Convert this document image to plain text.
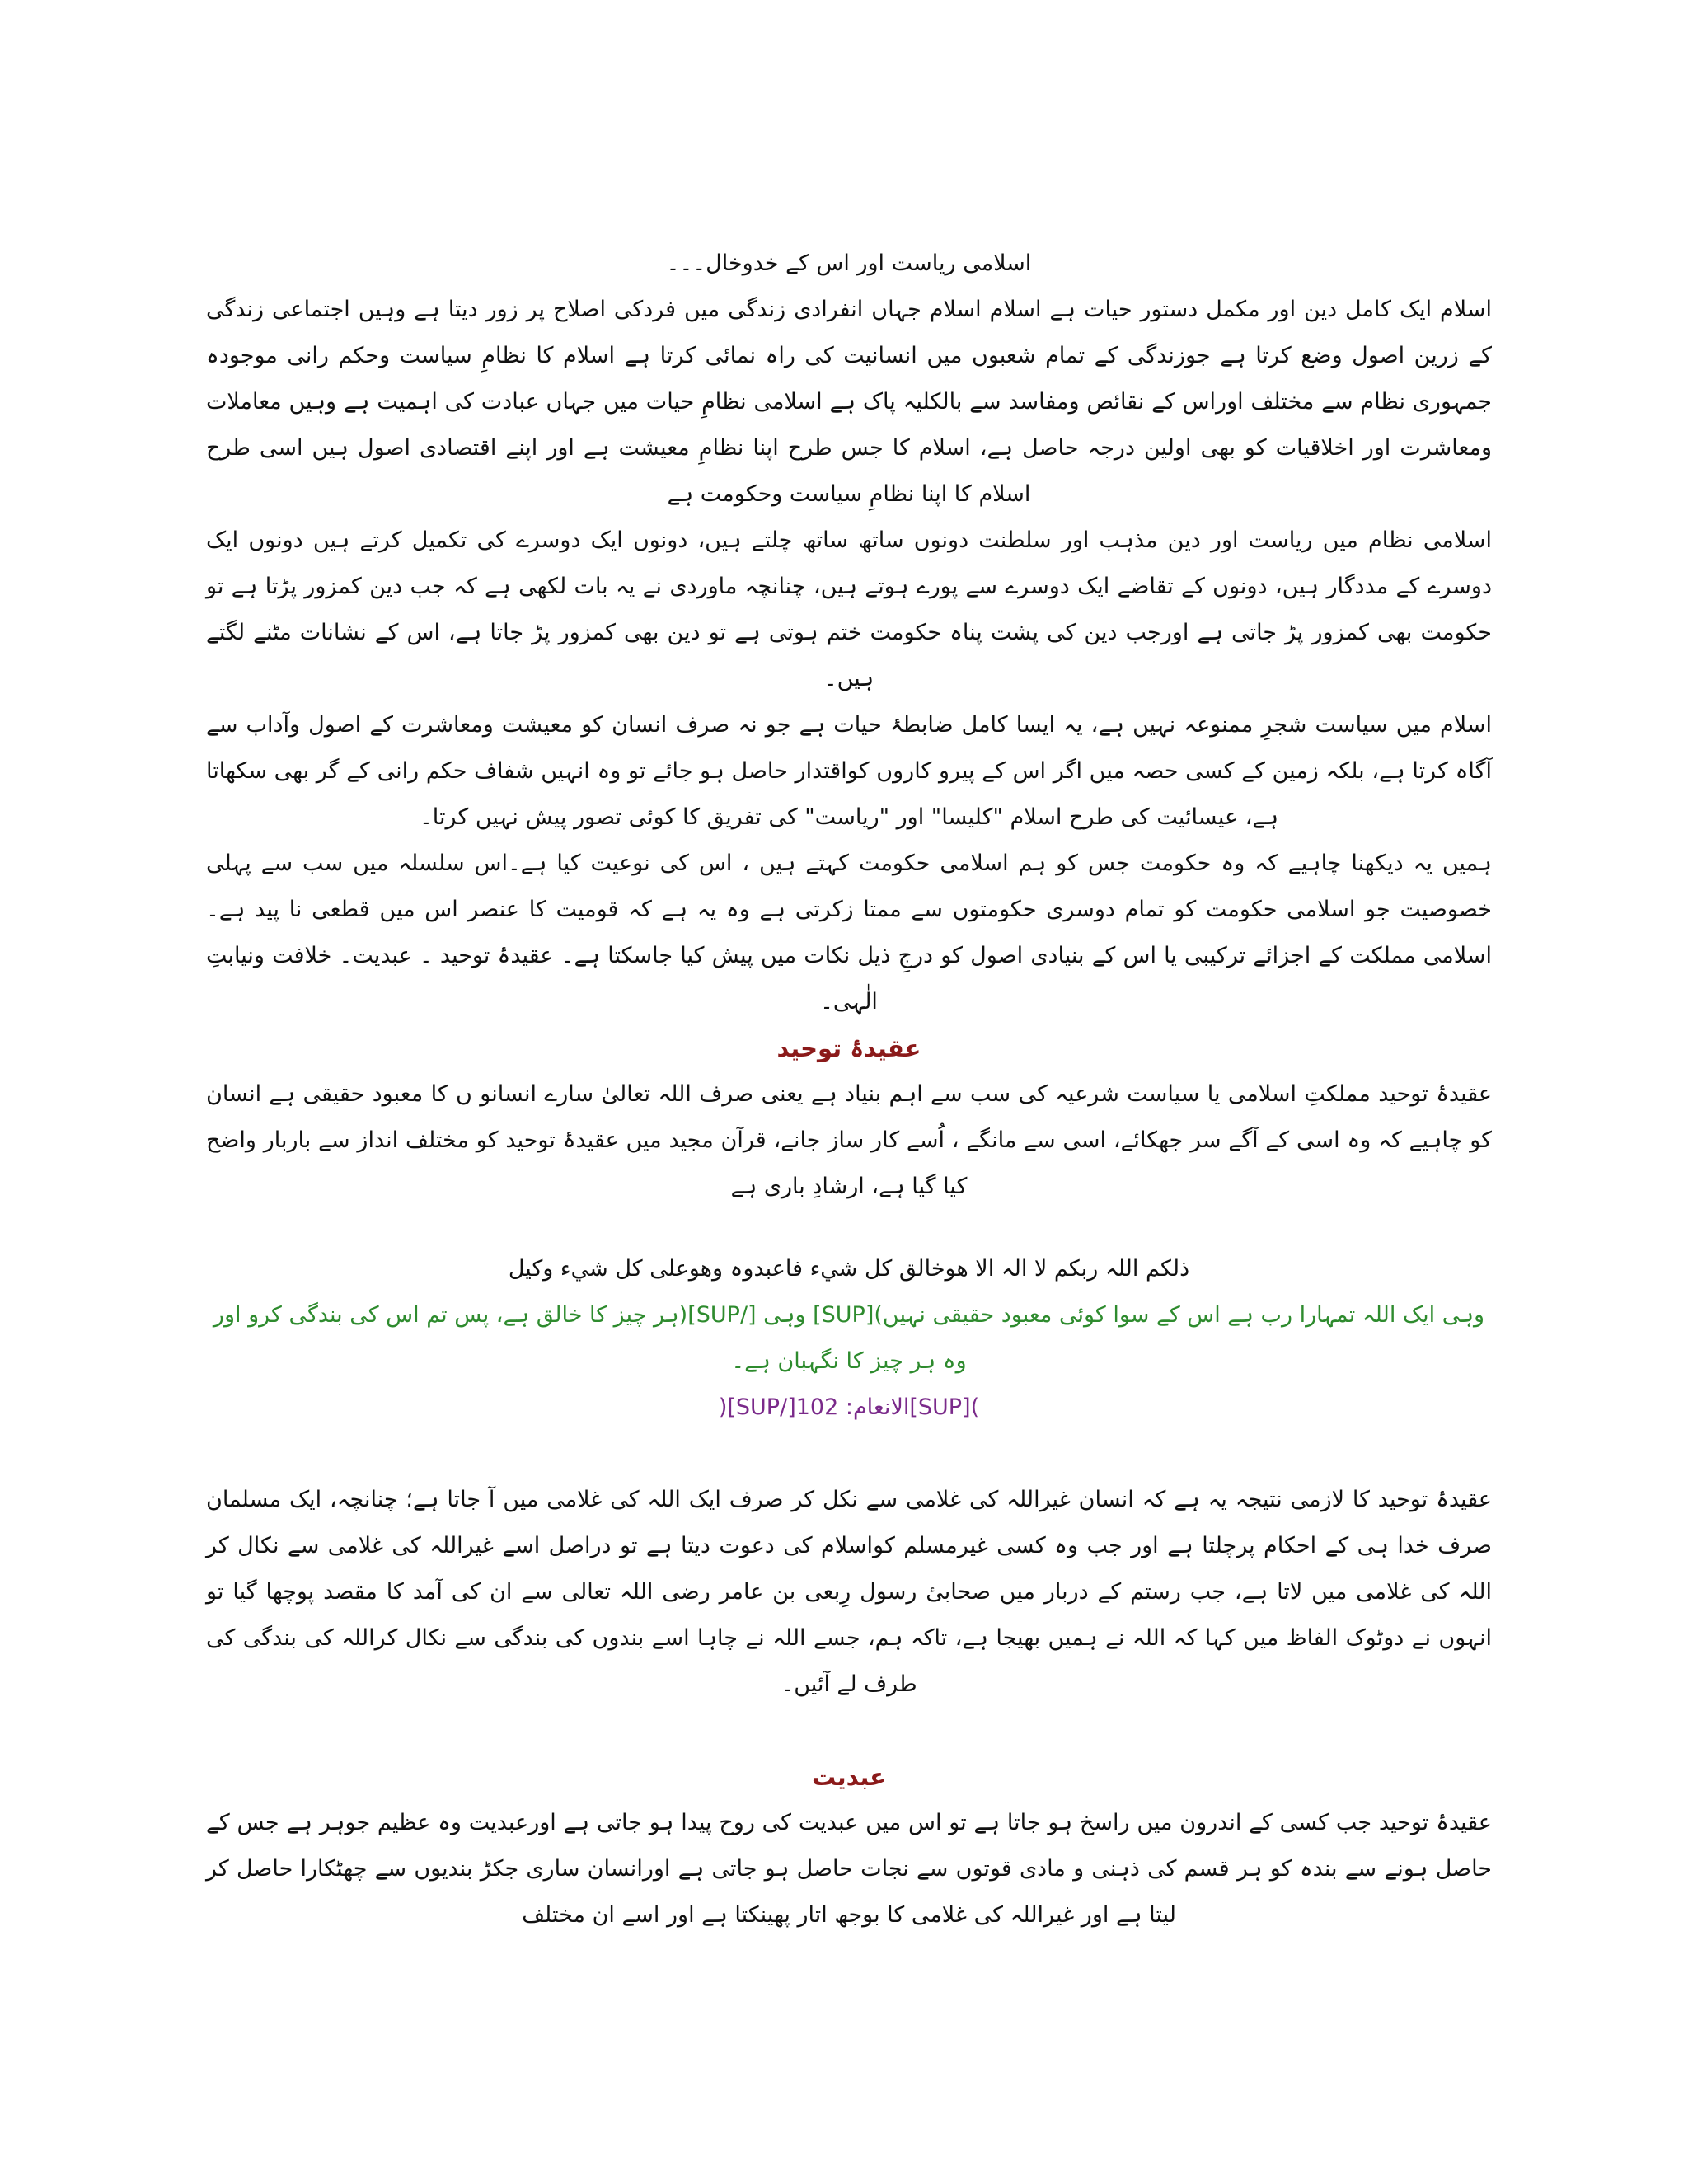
اسلامی ریاست اور اس کے خدوخال۔۔۔

اسلام ایک کامل دین اور مکمل دستور حیات ہے اسلام اسلام جہاں انفرادی زندگی میں فردکی اصلاح پر زور دیتا ہے وہیں اجتماعی زندگی کے زرین اصول وضع کرتا ہے جوزندگی کے تمام شعبوں میں انسانیت کی راہ نمائی کرتا ہے اسلام کا نظامِ سیاست وحکم رانی موجودہ جمہوری نظام سے مختلف اوراس کے نقائص ومفاسد سے بالکلیہ پاک ہے اسلامی نظامِ حیات میں جہاں عبادت کی اہمیت ہے وہیں معاملات ومعاشرت اور اخلاقیات کو بھی اولین درجہ حاصل ہے، اسلام کا جس طرح اپنا نظامِ معیشت ہے اور اپنے اقتصادی اصول ہیں اسی طرح اسلام کا اپنا نظامِ سیاست وحکومت ہے

اسلامی نظام میں ریاست اور دین مذہب اور سلطنت دونوں ساتھ ساتھ چلتے ہیں، دونوں ایک دوسرے کی تکمیل کرتے ہیں دونوں ایک دوسرے کے مددگار ہیں، دونوں کے تقاضے ایک دوسرے سے پورے ہوتے ہیں، چنانچہ ماوردی نے یہ بات لکھی ہے کہ جب دین کمزور پڑتا ہے تو حکومت بھی کمزور پڑ جاتی ہے اورجب دین کی پشت پناہ حکومت ختم ہوتی ہے تو دین بھی کمزور پڑ جاتا ہے، اس کے نشانات مٹنے لگتے ہیں۔

اسلام میں سیاست شجرِ ممنوعہ نہیں ہے، یہ ایسا کامل ضابطۂ حیات ہے جو نہ صرف انسان کو معیشت ومعاشرت کے اصول وآداب سے آگاہ کرتا ہے، بلکہ زمین کے کسی حصہ میں اگر اس کے پیرو کاروں کواقتدار حاصل ہو جائے تو وہ انہیں شفاف حکم رانی کے گر بھی سکھاتا ہے، عیسائیت کی طرح اسلام "کلیسا" اور "ریاست" کی تفریق کا کوئی تصور پیش نہیں کرتا۔

ہمیں یہ دیکھنا چاہیے کہ وہ حکومت جس کو ہم اسلامی حکومت کہتے ہیں ، اس کی نوعیت کیا ہے۔اس سلسلہ میں سب سے پہلی خصوصیت جو اسلامی حکومت کو تمام دوسری حکومتوں سے ممتا زکرتی ہے وہ یہ ہے کہ قومیت کا عنصر اس میں قطعی نا پید ہے۔ اسلامی مملکت کے اجزائے ترکیبی یا اس کے بنیادی اصول کو درجِ ذیل نکات میں پیش کیا جاسکتا ہے۔ عقیدۂ توحید ۔ عبدیت۔ خلافت ونیابتِ الٰہی۔

عقیدۂ توحید

عقیدۂ توحید مملکتِ اسلامی یا سیاست شرعیہ کی سب سے اہم بنیاد ہے یعنی صرف اللہ تعالیٰ سارے انسانو ں کا معبود حقیقی ہے انسان کو چاہیے کہ وہ اسی کے آگے سر جھکائے، اسی سے مانگے ، اُسے کار ساز جانے، قرآن مجید میں عقیدۂ توحید کو مختلف انداز سے باربار واضح کیا گیا ہے، ارشادِ باری ہے

ذلکم اللہ ربکم لا الہ الا ھوخالق کل شيء فاعبدوہ وھوعلی کل شيء وکیل

وہی ایک اللہ تمہارا رب ہے اس کے سوا کوئی معبود حقیقی نہیں)[SUP] وہی [/SUP](ہر چیز کا خالق ہے، پس تم اس کی بندگی کرو اور وہ ہر چیز کا نگہبان ہے۔

)[SUP]الانعام: 102[/SUP](

عقیدۂ توحید کا لازمی نتیجہ یہ ہے کہ انسان غیراللہ کی غلامی سے نکل کر صرف ایک اللہ کی غلامی میں آ جاتا ہے؛ چنانچہ، ایک مسلمان صرف خدا ہی کے احکام پرچلتا ہے اور جب وہ کسی غیرمسلم کواسلام کی دعوت دیتا ہے تو دراصل اسے غیراللہ کی غلامی سے نکال کر اللہ کی غلامی میں لاتا ہے، جب رستم کے دربار میں صحابیٔ رسول رِبعی بن عامر رضی اللہ تعالی سے ان کی آمد کا مقصد پوچھا گیا تو انہوں نے دوٹوک الفاظ میں کہا کہ اللہ نے ہمیں بھیجا ہے، تاکہ ہم، جسے اللہ نے چاہا اسے بندوں کی بندگی سے نکال کراللہ کی بندگی کی طرف لے آئیں۔

عبدیت

عقیدۂ توحید جب کسی کے اندرون میں راسخ ہو جاتا ہے تو اس میں عبدیت کی روح پیدا ہو جاتی ہے اورعبدیت وہ عظیم جوہر ہے جس کے حاصل ہونے سے بندہ کو ہر قسم کی ذہنی و مادی قوتوں سے نجات حاصل ہو جاتی ہے اورانسان ساری جکڑ بندیوں سے چھٹکارا حاصل کر لیتا ہے اور غیراللہ کی غلامی کا بوجھ اتار پھینکتا ہے اور اسے ان مختلف
